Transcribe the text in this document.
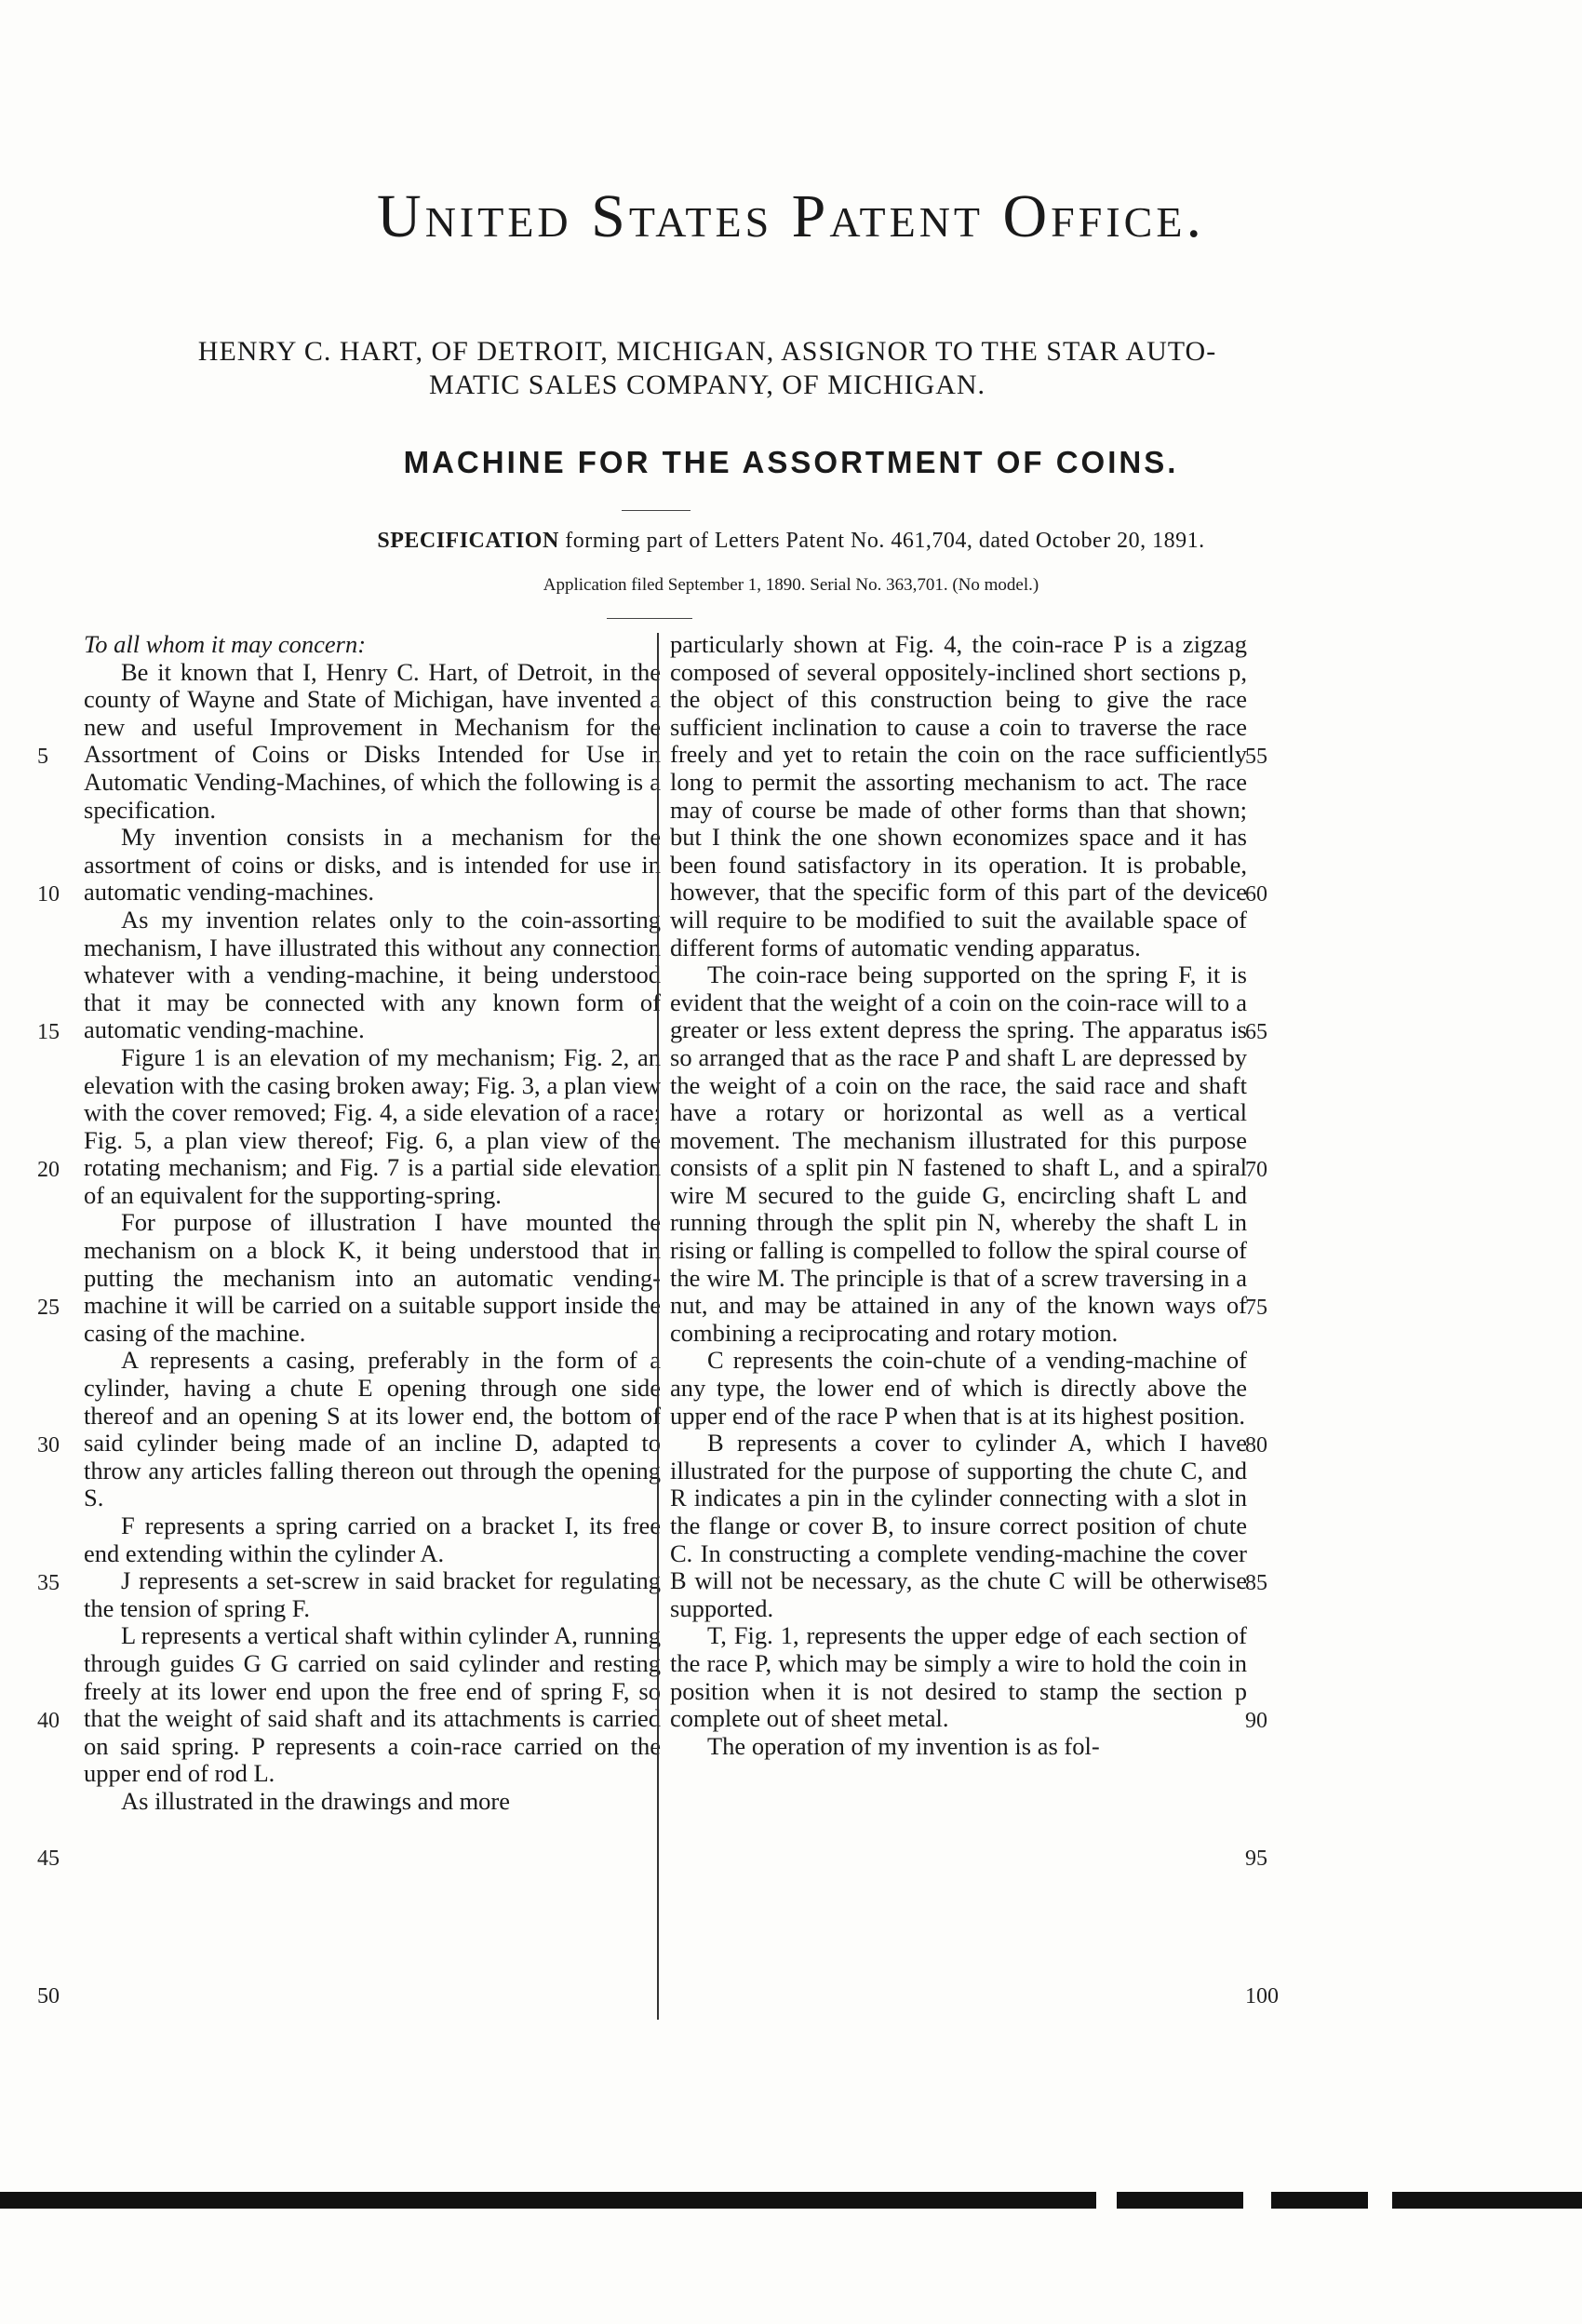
United States Patent Office.
HENRY C. HART, OF DETROIT, MICHIGAN, ASSIGNOR TO THE STAR AUTO-
MATIC SALES COMPANY, OF MICHIGAN.
MACHINE FOR THE ASSORTMENT OF COINS.
SPECIFICATION forming part of Letters Patent No. 461,704, dated October 20, 1891.
Application filed September 1, 1890. Serial No. 363,701. (No model.)

To all whom it may concern:

Be it known that I, Henry C. Hart, of Detroit, in the county of Wayne and State of Michigan, have invented a new and useful Improvement in Mechanism for the Assortment of Coins or Disks Intended for Use in Automatic Vending-Machines, of which the following is a specification.

My invention consists in a mechanism for the assortment of coins or disks, and is intended for use in automatic vending-machines.

As my invention relates only to the coin-assorting mechanism, I have illustrated this without any connection whatever with a vending-machine, it being understood that it may be connected with any known form of automatic vending-machine.

Figure 1 is an elevation of my mechanism; Fig. 2, an elevation with the casing broken away; Fig. 3, a plan view with the cover removed; Fig. 4, a side elevation of a race; Fig. 5, a plan view thereof; Fig. 6, a plan view of the rotating mechanism; and Fig. 7 is a partial side elevation of an equivalent for the supporting-spring.

For purpose of illustration I have mounted the mechanism on a block K, it being understood that in putting the mechanism into an automatic vending-machine it will be carried on a suitable support inside the casing of the machine.

A represents a casing, preferably in the form of a cylinder, having a chute E opening through one side thereof and an opening S at its lower end, the bottom of said cylinder being made of an incline D, adapted to throw any articles falling thereon out through the opening S.

F represents a spring carried on a bracket I, its free end extending within the cylinder A.

J represents a set-screw in said bracket for regulating the tension of spring F.

L represents a vertical shaft within cylinder A, running through guides G G carried on said cylinder and resting freely at its lower end upon the free end of spring F, so that the weight of said shaft and its attachments is carried on said spring. P represents a coin-race carried on the upper end of rod L.

As illustrated in the drawings and more

particularly shown at Fig. 4, the coin-race P is a zigzag composed of several oppositely-inclined short sections p, the object of this construction being to give the race sufficient inclination to cause a coin to traverse the race freely and yet to retain the coin on the race sufficiently long to permit the assorting mechanism to act. The race may of course be made of other forms than that shown; but I think the one shown economizes space and it has been found satisfactory in its operation. It is probable, however, that the specific form of this part of the device will require to be modified to suit the available space of different forms of automatic vending apparatus.

The coin-race being supported on the spring F, it is evident that the weight of a coin on the coin-race will to a greater or less extent depress the spring. The apparatus is so arranged that as the race P and shaft L are depressed by the weight of a coin on the race, the said race and shaft have a rotary or horizontal as well as a vertical movement. The mechanism illustrated for this purpose consists of a split pin N fastened to shaft L, and a spiral wire M secured to the guide G, encircling shaft L and running through the split pin N, whereby the shaft L in rising or falling is compelled to follow the spiral course of the wire M. The principle is that of a screw traversing in a nut, and may be attained in any of the known ways of combining a reciprocating and rotary motion.

C represents the coin-chute of a vending-machine of any type, the lower end of which is directly above the upper end of the race P when that is at its highest position.

B represents a cover to cylinder A, which I have illustrated for the purpose of supporting the chute C, and R indicates a pin in the cylinder connecting with a slot in the flange or cover B, to insure correct position of chute C. In constructing a complete vending-machine the cover B will not be necessary, as the chute C will be otherwise supported.

T, Fig. 1, represents the upper edge of each section of the race P, which may be simply a wire to hold the coin in position when it is not desired to stamp the section p complete out of sheet metal.

The operation of my invention is as fol-

5
10
15
20
25
30
35
40
45
50
55
60
65
70
75
80
85
90
95
100
